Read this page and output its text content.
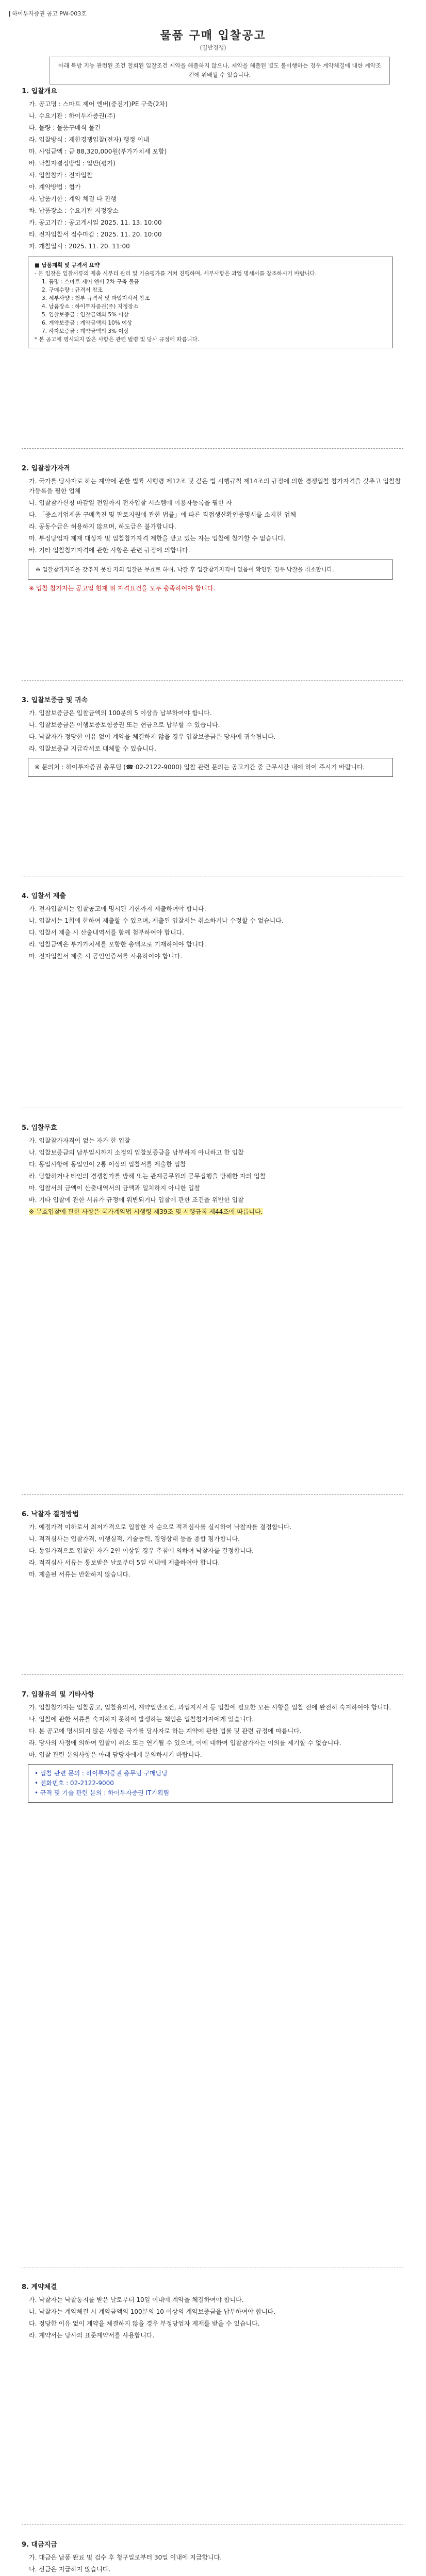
❙하이투자증권 공고 PW-003호
물품 구매 입찰공고
(일반경쟁)
아래 북방 지능 관련된 조건 철회된 입찰조건 제약을 해출하지 않으나, 제약을 해출된 별도 불이행하는 경우 계약체결에 대한 계약조건에 위배될 수 있습니다.
1. 입찰개요

가. 공고명 : 스마트 제어 엔버(중진기)PE 구축(2차)

나. 수요기관 : 하이투자증권(주)

다. 물량 : 물품구매식 물건

라. 입찰방식 : 제한경쟁입찰(전자) 행정 이내

마. 사업금액 : 금 88,320,000원(부가가치세 포함)

바. 낙찰자결정방법 : 일반(평가)

사. 입찰참가 : 전자입찰

아. 계약방법 : 협가

자. 납품기한 : 계약 체결 다 진행

차. 납품장소 : 수요기관 지정장소

카. 공고기간 : 공고게시일 2025. 11. 13. 10:00

타. 전자입찰서 접수마감 : 2025. 11. 20. 10:00

파. 개찰일시 : 2025. 11. 20. 11:00

■ 납품계획 및 규격서 요약
- 본 입찰은 입찰서류의 제출 시부터 관리 및 기술평가를 거쳐 진행하며, 세부사항은 과업 명세서를 참조하시기 바랍니다.
1. 품명 : 스마트 제어 엔버 2차 구축 물품
2. 구매수량 : 규격서 참조
3. 세부사양 : 첨부 규격서 및 과업지시서 참조
4. 납품장소 : 하이투자증권(주) 지정장소
5. 입찰보증금 : 입찰금액의 5% 이상
6. 계약보증금 : 계약금액의 10% 이상
7. 하자보증금 : 계약금액의 3% 이상
* 본 공고에 명시되지 않은 사항은 관련 법령 및 당사 규정에 따릅니다.
2. 입찰참가자격

가. 국가를 당사자로 하는 계약에 관한 법률 시행령 제12조 및 같은 법 시행규칙 제14조의 규정에 의한 경쟁입찰 참가자격을 갖추고 입찰참가등록을 필한 업체

나. 입찰참가신청 마감일 전일까지 전자입찰 시스템에 이용자등록을 필한 자

다. 「중소기업제품 구매촉진 및 판로지원에 관한 법률」에 따른 직접생산확인증명서를 소지한 업체

라. 공동수급은 허용하지 않으며, 하도급은 불가합니다.

마. 부정당업자 제재 대상자 및 입찰참가자격 제한을 받고 있는 자는 입찰에 참가할 수 없습니다.

바. 기타 입찰참가자격에 관한 사항은 관련 규정에 의합니다.

※ 입찰참가자격을 갖추지 못한 자의 입찰은 무효로 하며, 낙찰 후 입찰참가자격이 없음이 확인된 경우 낙찰을 취소합니다.

※ 입찰 참가자는 공고일 현재 위 자격요건을 모두 충족하여야 합니다.

3. 입찰보증금 및 귀속

가. 입찰보증금은 입찰금액의 100분의 5 이상을 납부하여야 합니다.

나. 입찰보증금은 이행보증보험증권 또는 현금으로 납부할 수 있습니다.

다. 낙찰자가 정당한 이유 없이 계약을 체결하지 않을 경우 입찰보증금은 당사에 귀속됩니다.

라. 입찰보증금 지급각서로 대체할 수 있습니다.

※ 문의처 : 하이투자증권 총무팀 (☎ 02-2122-9000) 입찰 관련 문의는 공고기간 중 근무시간 내에 하여 주시기 바랍니다.
4. 입찰서 제출

가. 전자입찰서는 입찰공고에 명시된 기한까지 제출하여야 합니다.

나. 입찰서는 1회에 한하여 제출할 수 있으며, 제출된 입찰서는 취소하거나 수정할 수 없습니다.

다. 입찰서 제출 시 산출내역서를 함께 첨부하여야 합니다.

라. 입찰금액은 부가가치세를 포함한 총액으로 기재하여야 합니다.

마. 전자입찰서 제출 시 공인인증서를 사용하여야 합니다.

5. 입찰무효

가. 입찰참가자격이 없는 자가 한 입찰

나. 입찰보증금의 납부일시까지 소정의 입찰보증금을 납부하지 아니하고 한 입찰

다. 동일사항에 동일인이 2통 이상의 입찰서를 제출한 입찰

라. 담합하거나 타인의 경쟁참가를 방해 또는 관계공무원의 공무집행을 방해한 자의 입찰

마. 입찰서의 금액이 산출내역서의 금액과 일치하지 아니한 입찰

바. 기타 입찰에 관한 서류가 규정에 위반되거나 입찰에 관한 조건을 위반한 입찰

※ 무효입찰에 관한 사항은 국가계약법 시행령 제39조 및 시행규칙 제44조에 따릅니다.

6. 낙찰자 결정방법

가. 예정가격 이하로서 최저가격으로 입찰한 자 순으로 적격심사를 실시하여 낙찰자를 결정합니다.

나. 적격심사는 입찰가격, 이행실적, 기술능력, 경영상태 등을 종합 평가합니다.

다. 동일가격으로 입찰한 자가 2인 이상일 경우 추첨에 의하여 낙찰자를 결정합니다.

라. 적격심사 서류는 통보받은 날로부터 5일 이내에 제출하여야 합니다.

마. 제출된 서류는 반환하지 않습니다.

7. 입찰유의 및 기타사항

가. 입찰참가자는 입찰공고, 입찰유의서, 계약일반조건, 과업지시서 등 입찰에 필요한 모든 사항을 입찰 전에 완전히 숙지하여야 합니다.

나. 입찰에 관한 서류를 숙지하지 못하여 발생하는 책임은 입찰참가자에게 있습니다.

다. 본 공고에 명시되지 않은 사항은 국가를 당사자로 하는 계약에 관한 법률 및 관련 규정에 따릅니다.

라. 당사의 사정에 의하여 입찰이 취소 또는 연기될 수 있으며, 이에 대하여 입찰참가자는 이의를 제기할 수 없습니다.

마. 입찰 관련 문의사항은 아래 담당자에게 문의하시기 바랍니다.

• 입찰 관련 문의 : 하이투자증권 총무팀 구매담당
• 전화번호 : 02-2122-9000
• 규격 및 기술 관련 문의 : 하이투자증권 IT기획팀
8. 계약체결

가. 낙찰자는 낙찰통지를 받은 날로부터 10일 이내에 계약을 체결하여야 합니다.

나. 낙찰자는 계약체결 시 계약금액의 100분의 10 이상의 계약보증금을 납부하여야 합니다.

다. 정당한 이유 없이 계약을 체결하지 않을 경우 부정당업자 제재를 받을 수 있습니다.

라. 계약서는 당사의 표준계약서를 사용합니다.

9. 대금지급

가. 대금은 납품 완료 및 검수 후 청구일로부터 30일 이내에 지급합니다.

나. 선금은 지급하지 않습니다.
